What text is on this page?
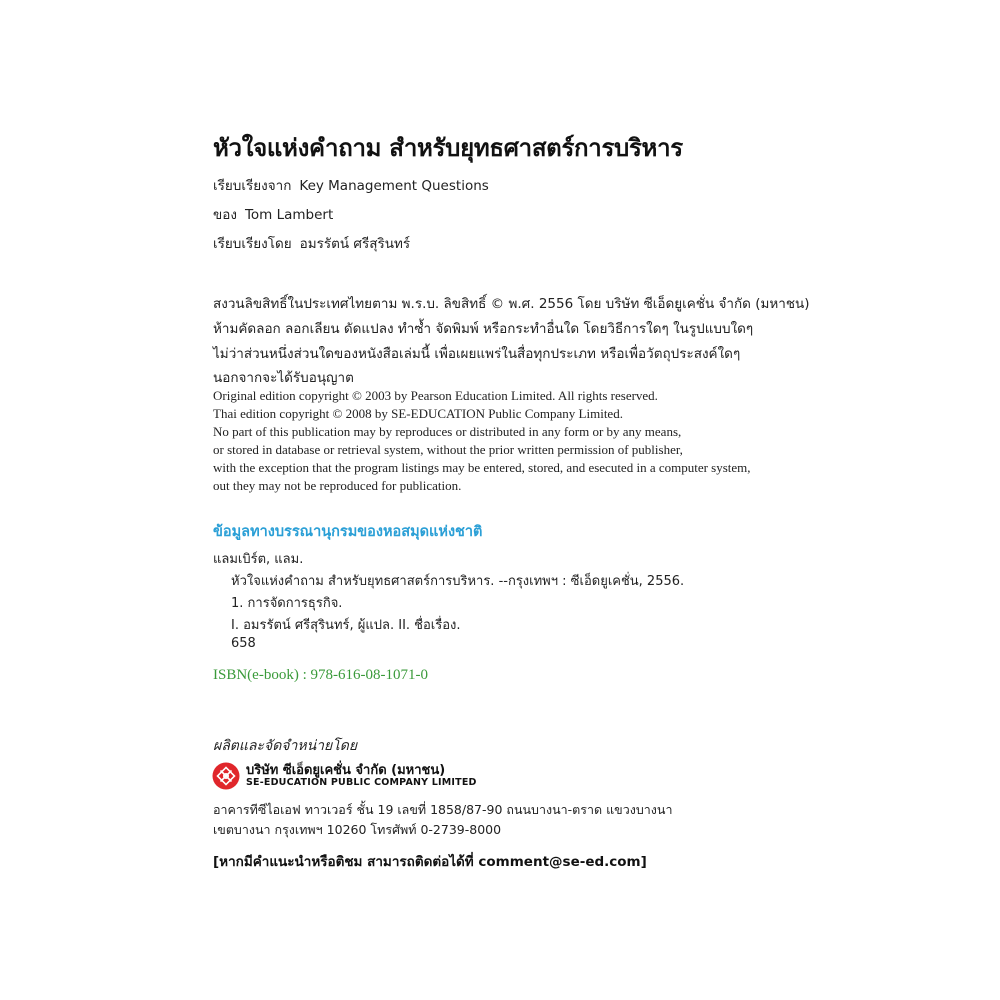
หัวใจแห่งคำถาม สำหรับยุทธศาสตร์การบริหาร
เรียบเรียงจาก Key Management Questions
ของ Tom Lambert
เรียบเรียงโดย อมรรัตน์ ศรีสุรินทร์
สงวนลิขสิทธิ์ในประเทศไทยตาม พ.ร.บ. ลิขสิทธิ์ © พ.ศ. 2556 โดย บริษัท ซีเอ็ดยูเคชั่น จำกัด (มหาชน)
ห้ามคัดลอก ลอกเลียน ดัดแปลง ทำซ้ำ จัดพิมพ์ หรือกระทำอื่นใด โดยวิธีการใดๆ ในรูปแบบใดๆ
ไม่ว่าส่วนหนึ่งส่วนใดของหนังสือเล่มนี้ เพื่อเผยแพร่ในสื่อทุกประเภท หรือเพื่อวัตถุประสงค์ใดๆ
นอกจากจะได้รับอนุญาต
Original edition copyright © 2003 by Pearson Education Limited. All rights reserved.
Thai edition copyright © 2008 by SE-EDUCATION Public Company Limited.
No part of this publication may by reproduces or distributed in any form or by any means,
or stored in database or retrieval system, without the prior written permission of publisher,
with the exception that the program listings may be entered, stored, and esecuted in a computer system,
out they may not be reproduced for publication.
ข้อมูลทางบรรณานุกรมของหอสมุดแห่งชาติ
แลมเบิร์ต, แลม.
หัวใจแห่งคำถาม สำหรับยุทธศาสตร์การบริหาร. --กรุงเทพฯ : ซีเอ็ดยูเคชั่น, 2556.
1. การจัดการธุรกิจ.
I. อมรรัตน์ ศรีสุรินทร์, ผู้แปล. II. ชื่อเรื่อง.
658
ISBN(e-book) : 978-616-08-1071-0
ผลิตและจัดจำหน่ายโดย
บริษัท ซีเอ็ดยูเคชั่น จำกัด (มหาชน)
SE-EDUCATION PUBLIC COMPANY LIMITED
อาคารทีซีไอเอฟ ทาวเวอร์ ชั้น 19 เลขที่ 1858/87-90 ถนนบางนา-ตราด แขวงบางนา
เขตบางนา กรุงเทพฯ 10260 โทรศัพท์ 0-2739-8000
[หากมีคำแนะนำหรือติชม สามารถติดต่อได้ที่ comment@se-ed.com]
